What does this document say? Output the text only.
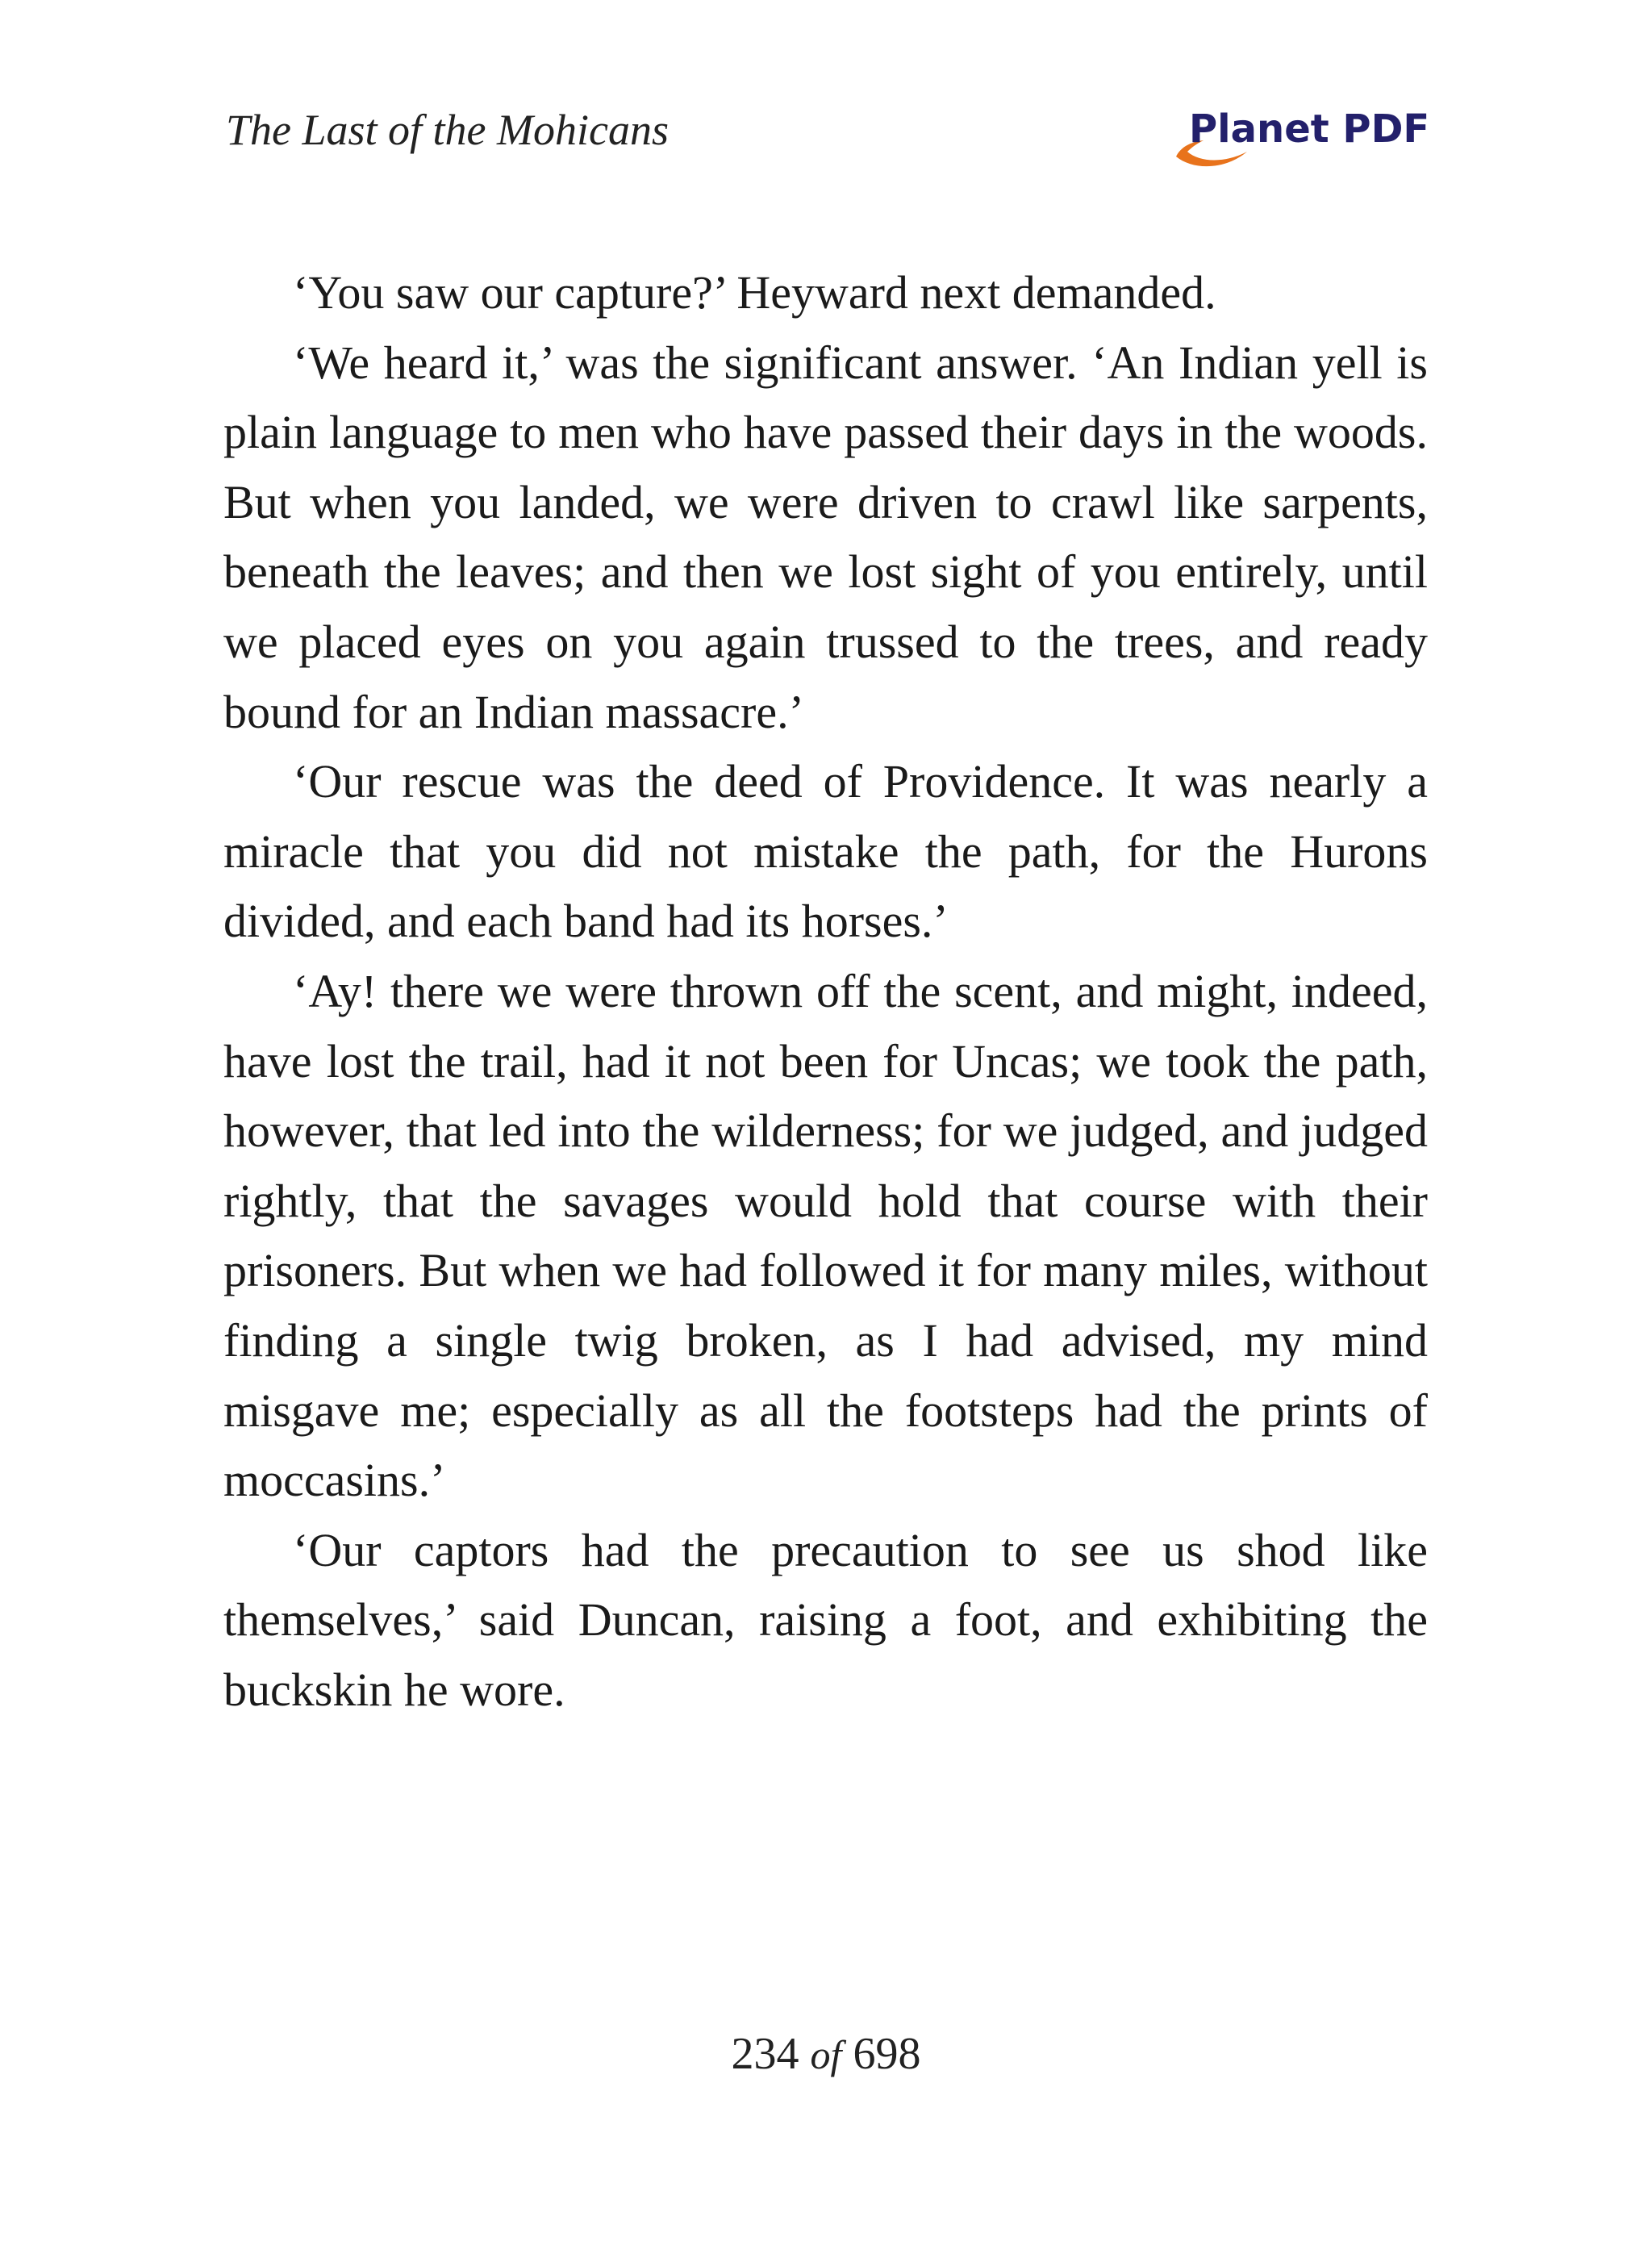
The Last of the Mohicans	Planet PDF

‘You saw our capture?’ Heyward next demanded.

‘We heard it,’ was the significant answer. ‘An Indian yell is plain language to men who have passed their days in the woods. But when you landed, we were driven to crawl like sarpents, beneath the leaves; and then we lost sight of you entirely, until we placed eyes on you again trussed to the trees, and ready bound for an Indian massacre.’

‘Our rescue was the deed of Providence. It was nearly a miracle that you did not mistake the path, for the Hurons divided, and each band had its horses.’

‘Ay! there we were thrown off the scent, and might, indeed, have lost the trail, had it not been for Uncas; we took the path, however, that led into the wilderness; for we judged, and judged rightly, that the savages would hold that course with their prisoners. But when we had followed it for many miles, without finding a single twig broken, as I had advised, my mind misgave me; especially as all the footsteps had the prints of moccasins.’

‘Our captors had the precaution to see us shod like themselves,’ said Duncan, raising a foot, and exhibiting the buckskin he wore.

234 of 698
